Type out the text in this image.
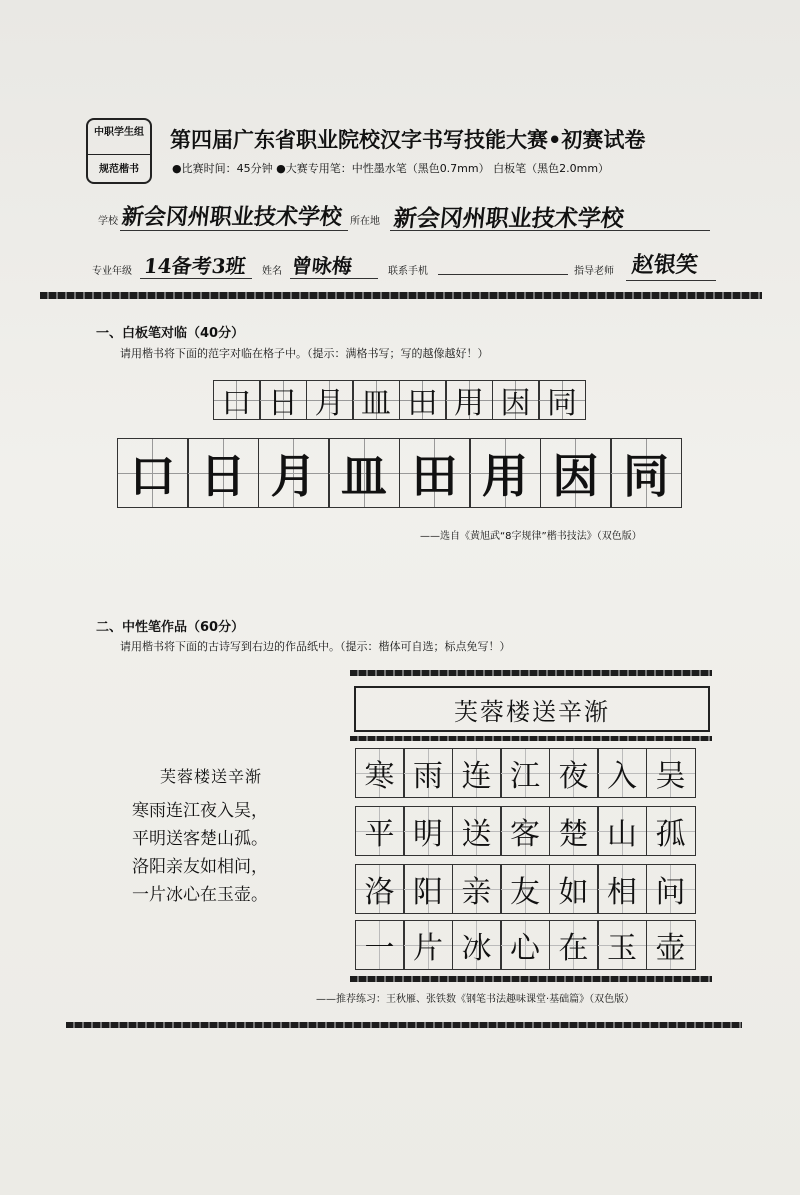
中职学生组
规范楷书
第四届广东省职业院校汉字书写技能大赛•初赛试卷
●比赛时间：45分钟 ●大赛专用笔：中性墨水笔（黑色0.7mm） 白板笔（黑色2.0mm）
学校 新会冈州职业技术学校 所在地 新会冈州职业技术学校
专业年级 14备考3班 姓名 曾咏梅	联系手机	指导老师 赵银笑
一、白板笔对临（40分）
请用楷书将下面的范字对临在格子中。（提示：满格书写；写的越像越好！）
口 日 月 皿 田 用 因 同
口 日 月 皿 田 用 因 同
——选自《黄旭武“8字规律”楷书技法》（双色版）
二、中性笔作品（60分）
请用楷书将下面的古诗写到右边的作品纸中。（提示：楷体可自选；标点免写！）
芙蓉楼送辛渐
寒雨连江夜入吴，
平明送客楚山孤。
洛阳亲友如相问，
一片冰心在玉壶。
芙蓉楼送辛渐
寒 雨 连 江 夜 入 吴
平 明 送 客 楚 山 孤
洛 阳 亲 友 如 相 问
一 片 冰 心 在 玉 壶
——推荐练习：王秋雁、张铁数《钢笔书法趣味课堂·基础篇》（双色版）
